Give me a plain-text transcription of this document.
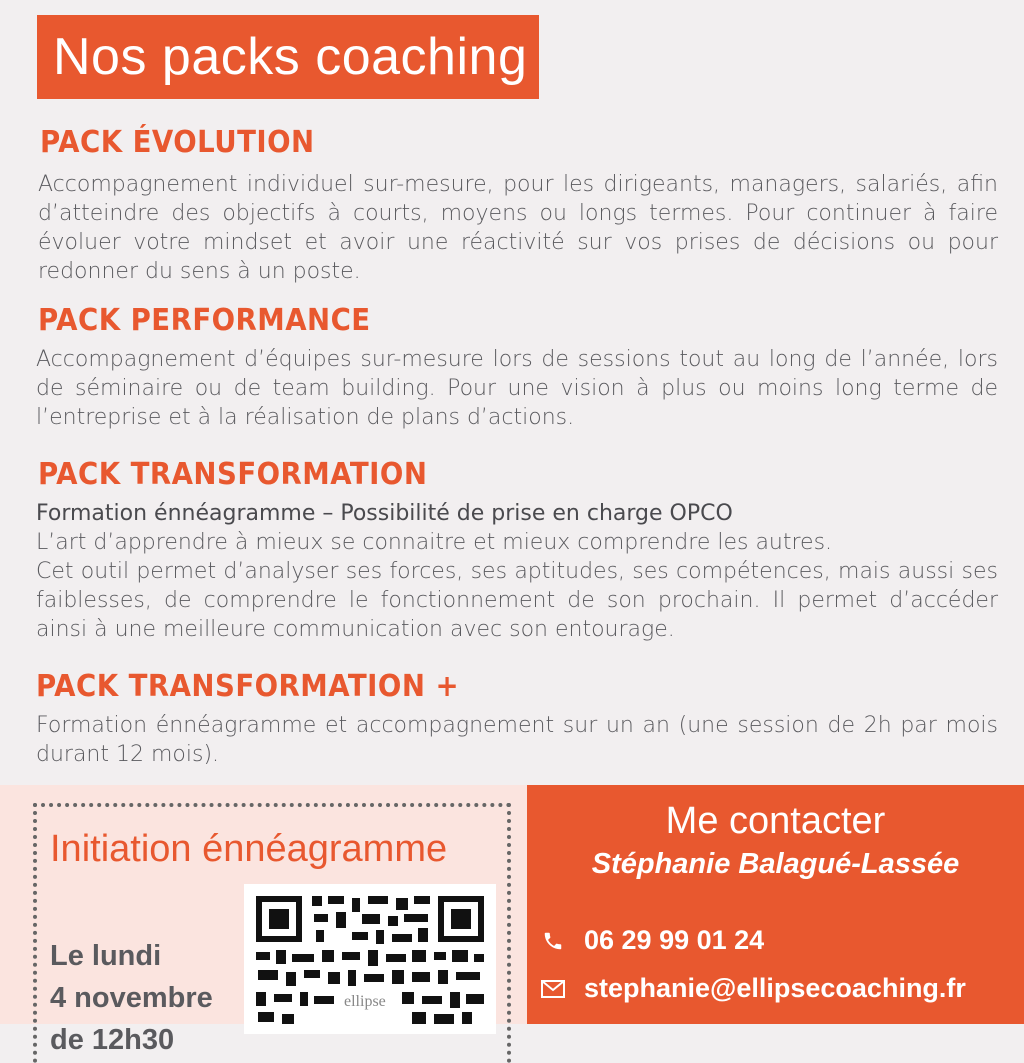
Nos packs coaching
PACK ÉVOLUTION
Accompagnement individuel sur-mesure, pour les dirigeants, managers, salariés, afin d’atteindre des objectifs à courts, moyens ou longs termes. Pour continuer à faire évoluer votre mindset et avoir une réactivité sur vos prises de décisions ou pour redonner du sens à un poste.
PACK PERFORMANCE
Accompagnement d’équipes sur-mesure lors de sessions tout au long de l’année, lors de séminaire ou de team building. Pour une vision à plus ou moins long terme de l’entreprise et à la réalisation de plans d’actions.
PACK TRANSFORMATION
Formation énnéagramme – Possibilité de prise en charge OPCO
L’art d’apprendre à mieux se connaitre et mieux comprendre les autres.
Cet outil permet d’analyser ses forces, ses aptitudes, ses compétences, mais aussi ses faiblesses, de comprendre le fonctionnement de son prochain. Il permet d’accéder ainsi à une meilleure communication avec son entourage.
PACK TRANSFORMATION +
Formation énnéagramme et accompagnement sur un an (une session de 2h par mois durant 12 mois).
Initiation énnéagramme
Le lundi
4 novembre
de 12h30
ellipse
Me contacter
Stéphanie Balagué-Lassée
06 29 99 01 24
stephanie@ellipsecoaching.fr
